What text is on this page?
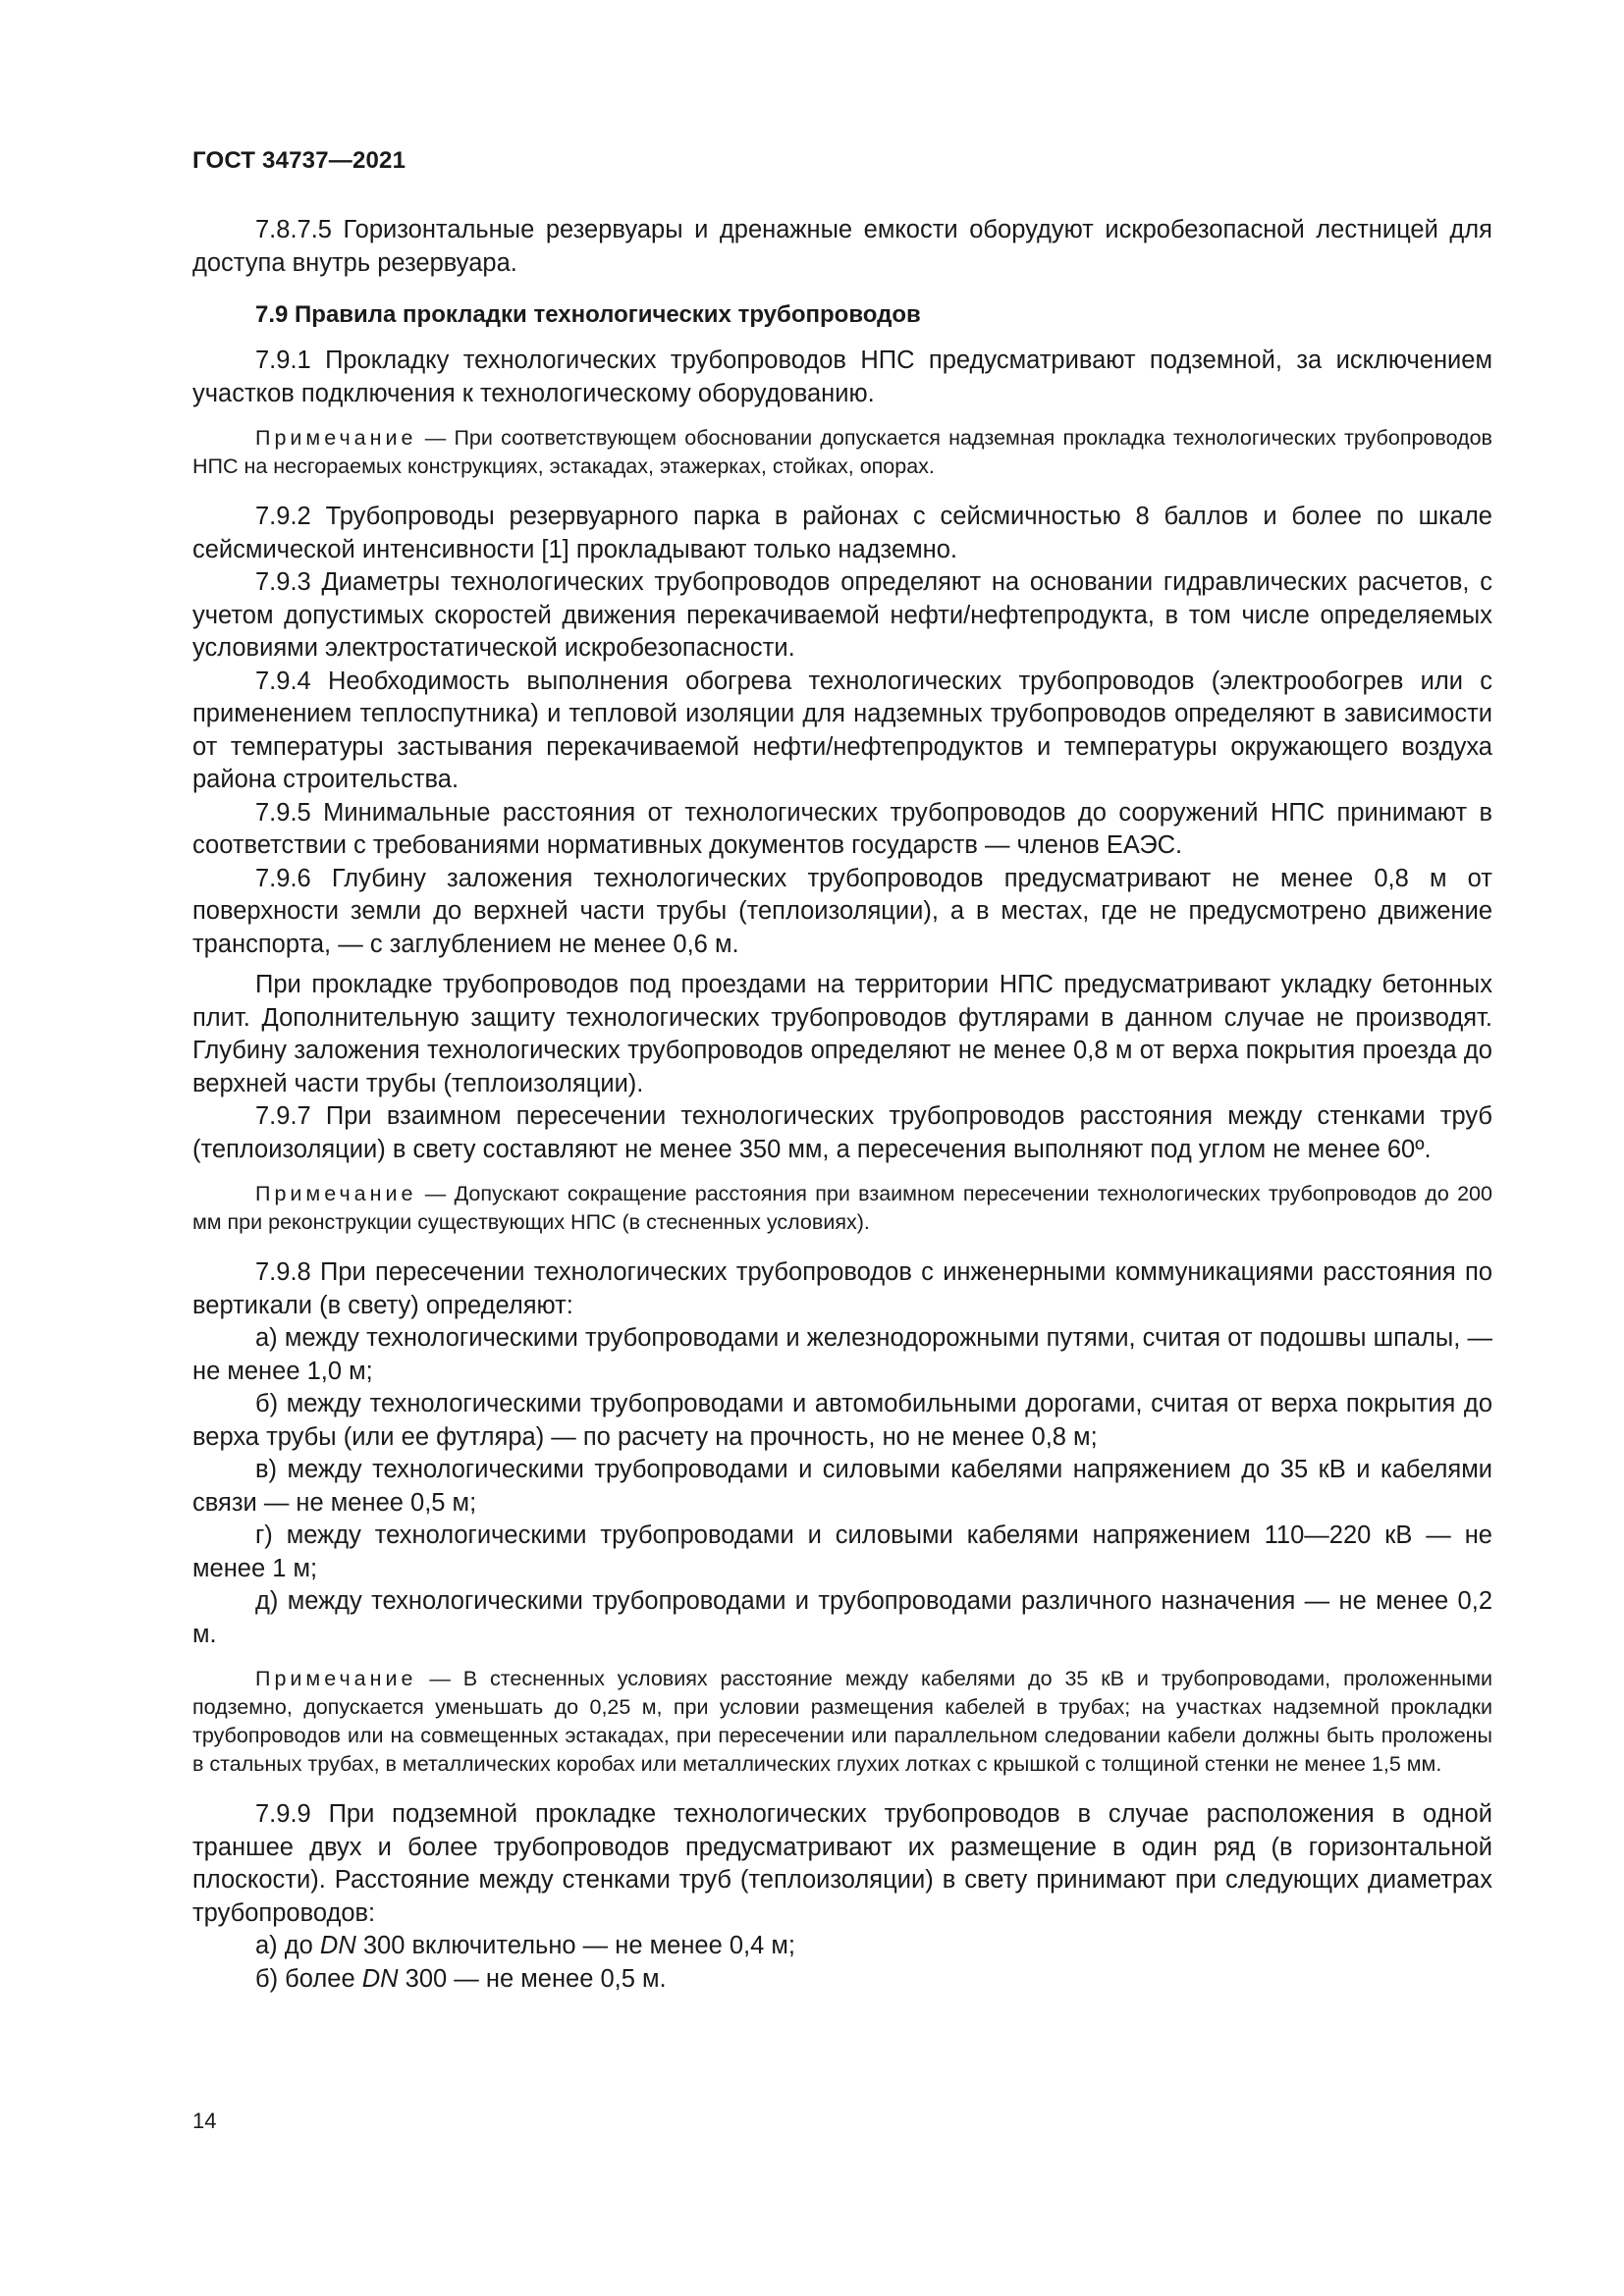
ГОСТ 34737—2021

7.8.7.5 Горизонтальные резервуары и дренажные емкости оборудуют искробезопасной лестницей для доступа внутрь резервуара.

7.9 Правила прокладки технологических трубопроводов

7.9.1 Прокладку технологических трубопроводов НПС предусматривают подземной, за исключением участков подключения к технологическому оборудованию.

Примечание — При соответствующем обосновании допускается надземная прокладка технологических трубопроводов НПС на несгораемых конструкциях, эстакадах, этажерках, стойках, опорах.

7.9.2 Трубопроводы резервуарного парка в районах с сейсмичностью 8 баллов и более по шкале сейсмической интенсивности [1] прокладывают только надземно.

7.9.3 Диаметры технологических трубопроводов определяют на основании гидравлических расчетов, с учетом допустимых скоростей движения перекачиваемой нефти/нефтепродукта, в том числе определяемых условиями электростатической искробезопасности.

7.9.4 Необходимость выполнения обогрева технологических трубопроводов (электрообогрев или с применением теплоспутника) и тепловой изоляции для надземных трубопроводов определяют в зависимости от температуры застывания перекачиваемой нефти/нефтепродуктов и температуры окружающего воздуха района строительства.

7.9.5 Минимальные расстояния от технологических трубопроводов до сооружений НПС принимают в соответствии с требованиями нормативных документов государств — членов ЕАЭС.

7.9.6 Глубину заложения технологических трубопроводов предусматривают не менее 0,8 м от поверхности земли до верхней части трубы (теплоизоляции), а в местах, где не предусмотрено движение транспорта, — с заглублением не менее 0,6 м.

При прокладке трубопроводов под проездами на территории НПС предусматривают укладку бетонных плит. Дополнительную защиту технологических трубопроводов футлярами в данном случае не производят. Глубину заложения технологических трубопроводов определяют не менее 0,8 м от верха покрытия проезда до верхней части трубы (теплоизоляции).

7.9.7 При взаимном пересечении технологических трубопроводов расстояния между стенками труб (теплоизоляции) в свету составляют не менее 350 мм, а пересечения выполняют под углом не менее 60º.

Примечание — Допускают сокращение расстояния при взаимном пересечении технологических трубопроводов до 200 мм при реконструкции существующих НПС (в стесненных условиях).

7.9.8 При пересечении технологических трубопроводов с инженерными коммуникациями расстояния по вертикали (в свету) определяют:

а) между технологическими трубопроводами и железнодорожными путями, считая от подошвы шпалы, — не менее 1,0 м;

б) между технологическими трубопроводами и автомобильными дорогами, считая от верха покрытия до верха трубы (или ее футляра) — по расчету на прочность, но не менее 0,8 м;

в) между технологическими трубопроводами и силовыми кабелями напряжением до 35 кВ и кабелями связи — не менее 0,5 м;

г) между технологическими трубопроводами и силовыми кабелями напряжением 110—220 кВ — не менее 1 м;

д) между технологическими трубопроводами и трубопроводами различного назначения — не менее 0,2 м.

Примечание — В стесненных условиях расстояние между кабелями до 35 кВ и трубопроводами, проложенными подземно, допускается уменьшать до 0,25 м, при условии размещения кабелей в трубах; на участках надземной прокладки трубопроводов или на совмещенных эстакадах, при пересечении или параллельном следовании кабели должны быть проложены в стальных трубах, в металлических коробах или металлических глухих лотках с крышкой с толщиной стенки не менее 1,5 мм.

7.9.9 При подземной прокладке технологических трубопроводов в случае расположения в одной траншее двух и более трубопроводов предусматривают их размещение в один ряд (в горизонтальной плоскости). Расстояние между стенками труб (теплоизоляции) в свету принимают при следующих диаметрах трубопроводов:

а) до DN 300 включительно — не менее 0,4 м;

б) более DN 300 — не менее 0,5 м.

14
